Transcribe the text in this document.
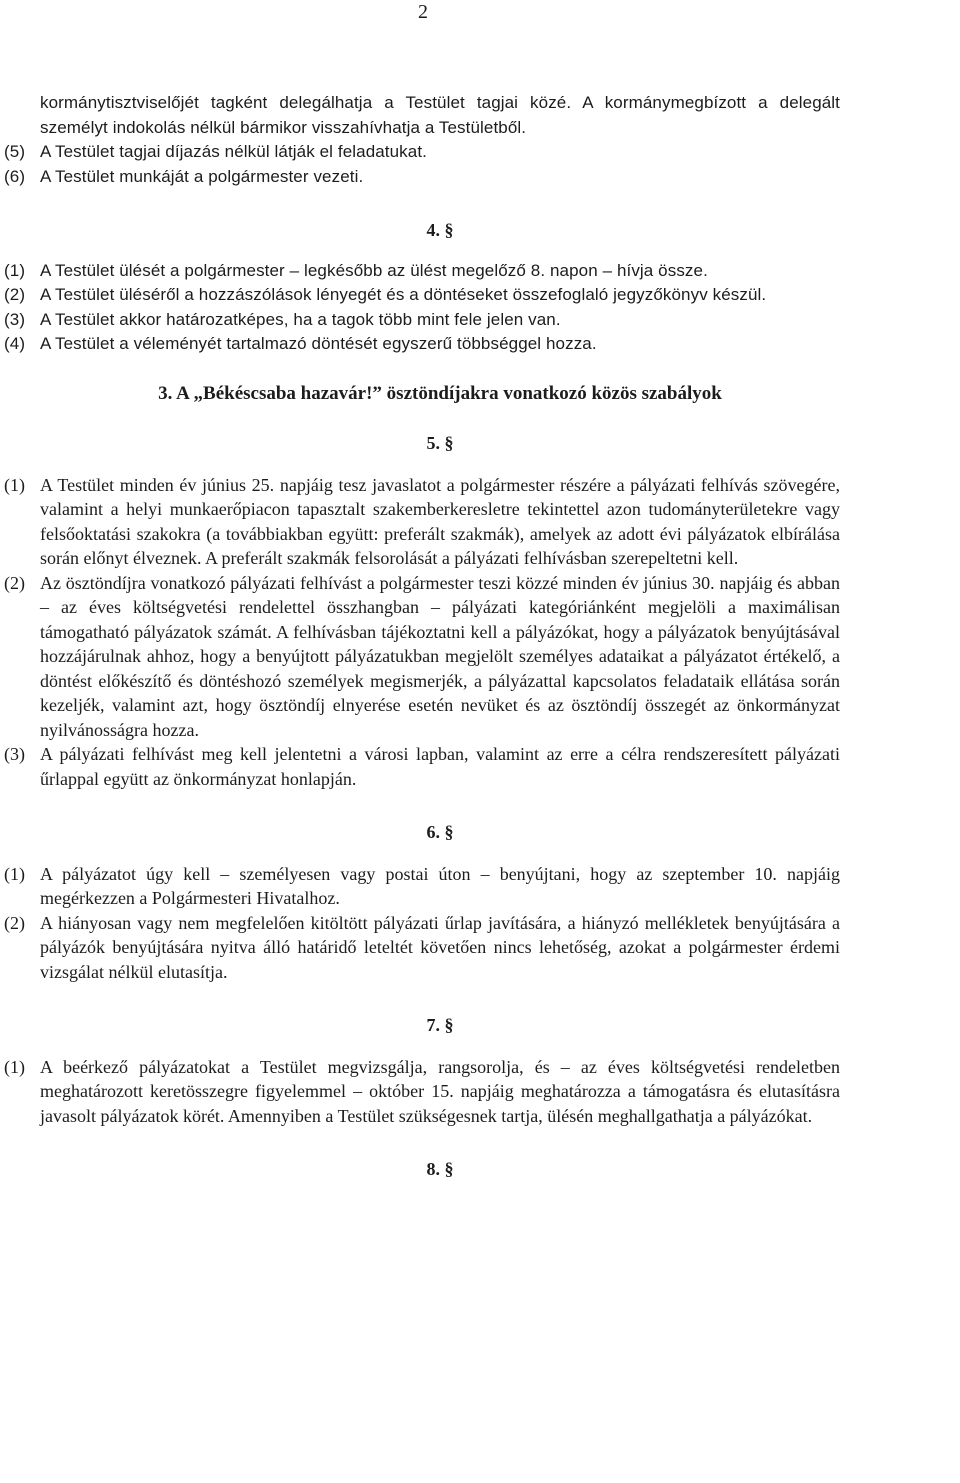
2

kormánytisztviselőjét tagként delegálhatja a Testület tagjai közé. A kormánymegbízott a delegált személyt indokolás nélkül bármikor visszahívhatja a Testületből.

(5) A Testület tagjai díjazás nélkül látják el feladatukat.
(6) A Testület munkáját a polgármester vezeti.

4. §

(1) A Testület ülését a polgármester – legkésőbb az ülést megelőző 8. napon – hívja össze.
(2) A Testület üléséről a hozzászólások lényegét és a döntéseket összefoglaló jegyzőkönyv készül.
(3) A Testület akkor határozatképes, ha a tagok több mint fele jelen van.
(4) A Testület a véleményét tartalmazó döntését egyszerű többséggel hozza.

3. A „Békéscsaba hazavár!” ösztöndíjakra vonatkozó közös szabályok

5. §

(1) A Testület minden év június 25. napjáig tesz javaslatot a polgármester részére a pályázati felhívás szövegére, valamint a helyi munkaerőpiacon tapasztalt szakemberkeresletre tekintettel azon tudományterületekre vagy felsőoktatási szakokra (a továbbiakban együtt: preferált szakmák), amelyek az adott évi pályázatok elbírálása során előnyt élveznek. A preferált szakmák felsorolását a pályázati felhívásban szerepeltetni kell.
(2) Az ösztöndíjra vonatkozó pályázati felhívást a polgármester teszi közzé minden év június 30. napjáig és abban – az éves költségvetési rendelettel összhangban – pályázati kategóriánként megjelöli a maximálisan támogatható pályázatok számát. A felhívásban tájékoztatni kell a pályázókat, hogy a pályázatok benyújtásával hozzájárulnak ahhoz, hogy a benyújtott pályázatukban megjelölt személyes adataikat a pályázatot értékelő, a döntést előkészítő és döntéshozó személyek megismerjék, a pályázattal kapcsolatos feladataik ellátása során kezeljék, valamint azt, hogy ösztöndíj elnyerése esetén nevüket és az ösztöndíj összegét az önkormányzat nyilvánosságra hozza.
(3) A pályázati felhívást meg kell jelentetni a városi lapban, valamint az erre a célra rendszeresített pályázati űrlappal együtt az önkormányzat honlapján.

6. §

(1) A pályázatot úgy kell – személyesen vagy postai úton – benyújtani, hogy az szeptember 10. napjáig megérkezzen a Polgármesteri Hivatalhoz.
(2) A hiányosan vagy nem megfelelően kitöltött pályázati űrlap javítására, a hiányzó mellékletek benyújtására a pályázók benyújtására nyitva álló határidő leteltét követően nincs lehetőség, azokat a polgármester érdemi vizsgálat nélkül elutasítja.

7. §

(1) A beérkező pályázatokat a Testület megvizsgálja, rangsorolja, és – az éves költségvetési rendeletben meghatározott keretösszegre figyelemmel – október 15. napjáig meghatározza a támogatásra és elutasításra javasolt pályázatok körét. Amennyiben a Testület szükségesnek tartja, ülésén meghallgathatja a pályázókat.

8. §
